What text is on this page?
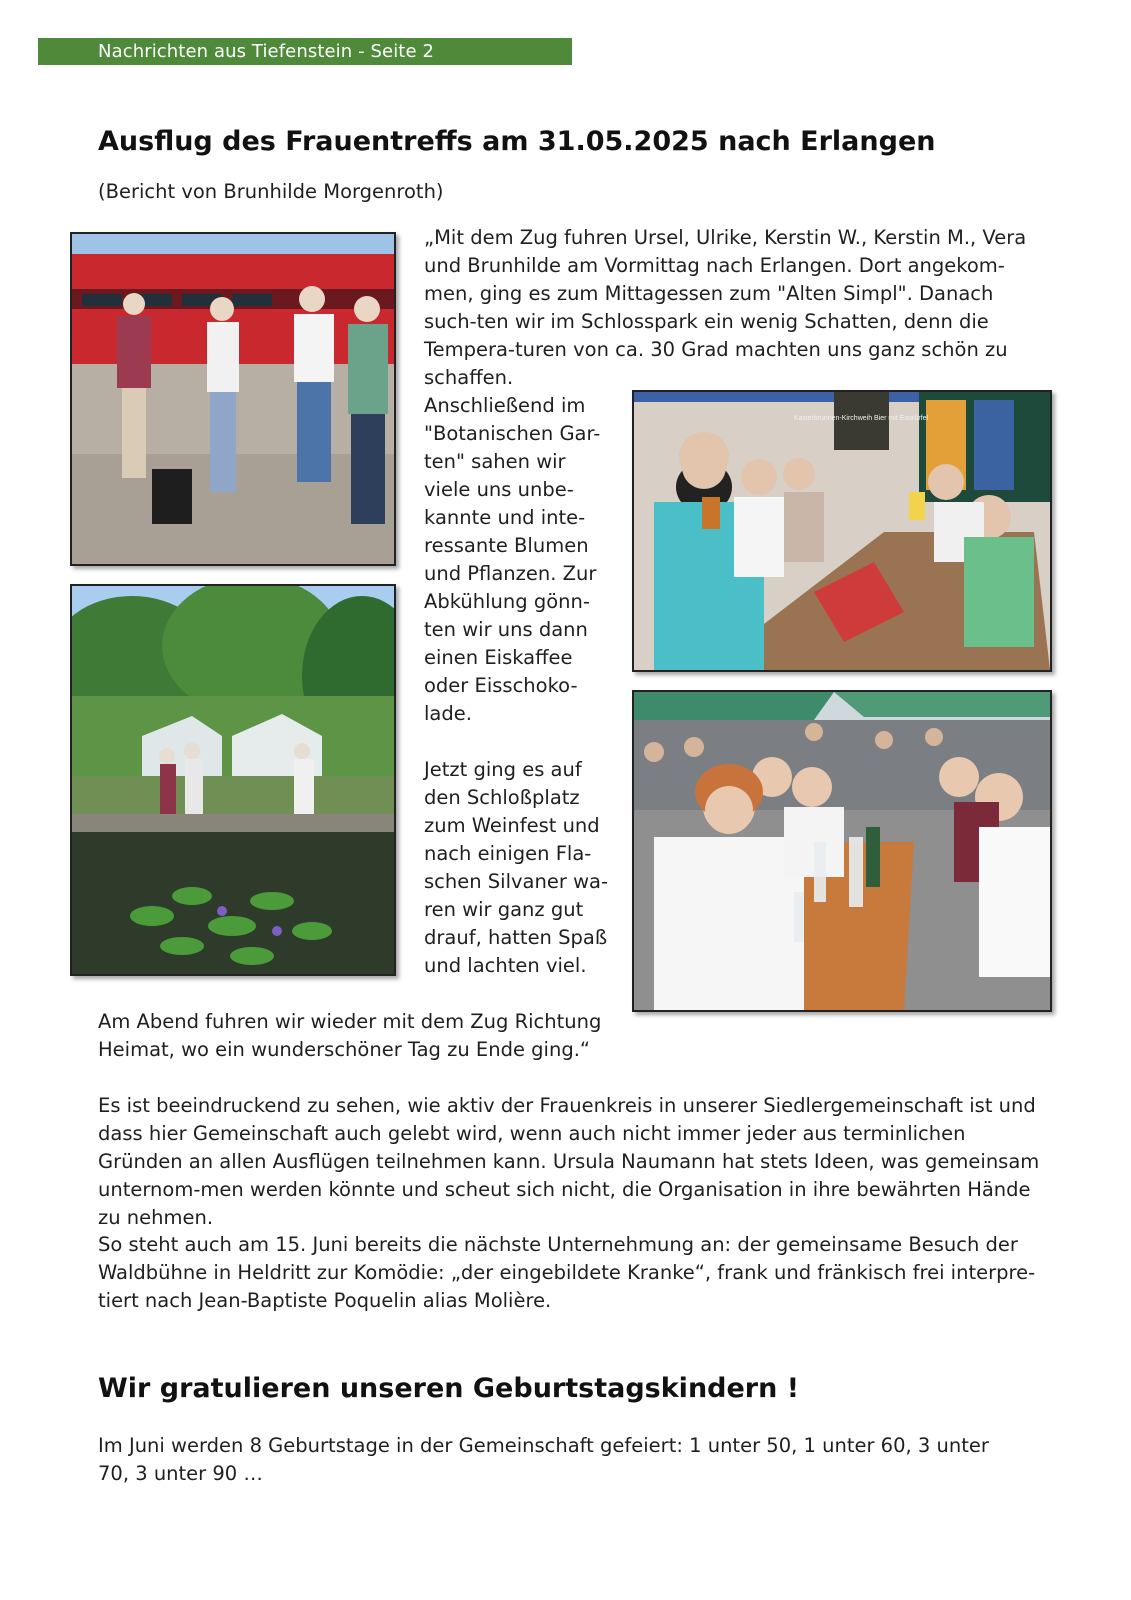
Nachrichten aus Tiefenstein - Seite 2
Ausflug des Frauentreffs am 31.05.2025 nach Erlangen

(Bericht von Brunhilde Morgenroth)

„Mit dem Zug fuhren Ursel, Ulrike, Kerstin W., Kerstin M., Vera und Brunhilde am Vormittag nach Erlangen. Dort angekom-men, ging es zum Mittagessen zum "Alten Simpl". Danach such-ten wir im Schlosspark ein wenig Schatten, denn die Tempera-turen von ca. 30 Grad machten uns ganz schön zu schaffen.

Anschließend im "Botanischen Gar-ten" sahen wir viele uns unbe-kannte und inte-ressante Blumen und Pflanzen. Zur Abkühlung gönn-ten wir uns dann einen Eiskaffee oder Eisschoko-lade.

Jetzt ging es auf den Schloßplatz zum Weinfest und nach einigen Fla-schen Silvaner wa-ren wir ganz gut drauf, hatten Spaß und lachten viel.

Am Abend fuhren wir wieder mit dem Zug Richtung Heimat, wo ein wunderschöner Tag zu Ende ging.“

Es ist beeindruckend zu sehen, wie aktiv der Frauenkreis in unserer Siedlergemeinschaft ist und dass hier Gemeinschaft auch gelebt wird, wenn auch nicht immer jeder aus terminlichen Gründen an allen Ausflügen teilnehmen kann. Ursula Naumann hat stets Ideen, was gemeinsam unternom-men werden könnte und scheut sich nicht, die Organisation in ihre bewährten Hände zu nehmen.

So steht auch am 15. Juni bereits die nächste Unternehmung an: der gemeinsame Besuch der Waldbühne in Heldritt zur Komödie: „der eingebildete Kranke“, frank und fränkisch frei interpre-tiert nach Jean-Baptiste Poquelin alias Molière.

Kaiserbrunnen-Kirchweih Bier mit Eiswürfel
Wir gratulieren unseren Geburtstagskindern !

Im Juni werden 8 Geburtstage in der Gemeinschaft gefeiert: 1 unter 50, 1 unter 60, 3 unter 70, 3 unter 90 …
